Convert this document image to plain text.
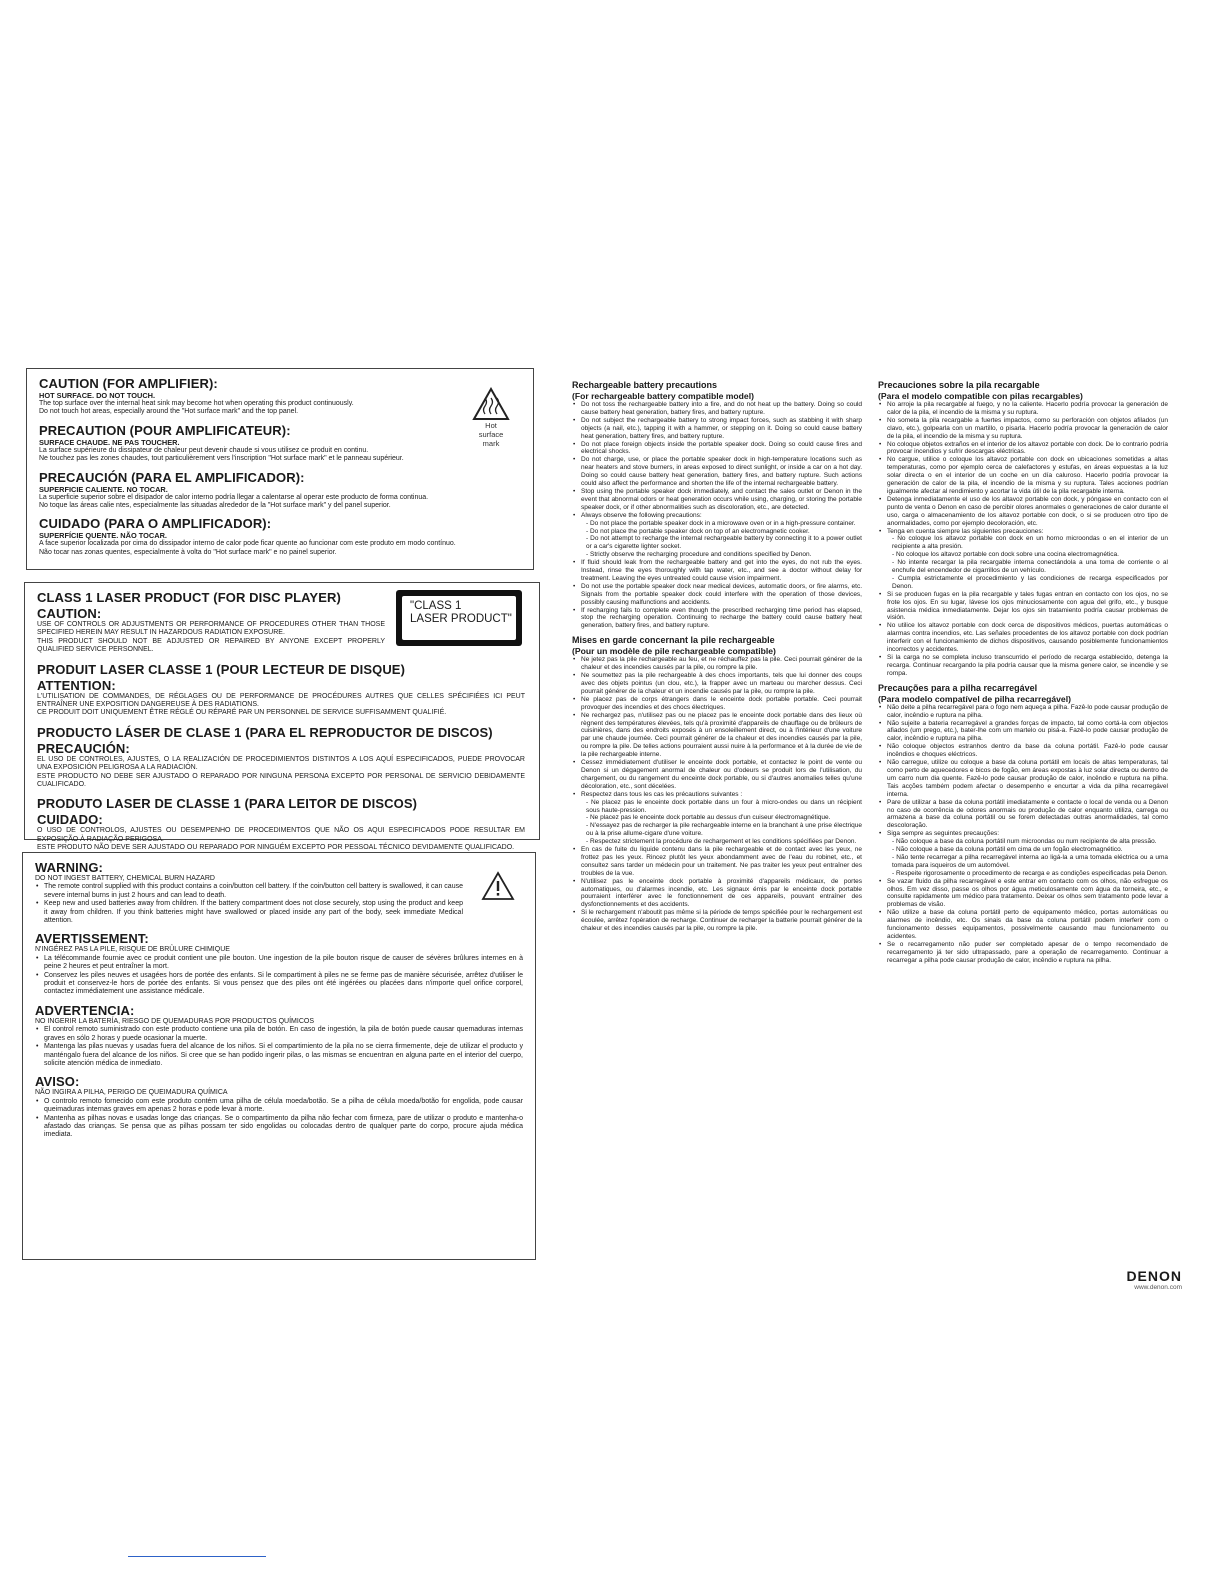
CAUTION (FOR AMPLIFIER):
HOT SURFACE. DO NOT TOUCH.
The top surface over the internal heat sink may become hot when operating this product continuously.
Do not touch hot areas, especially around the "Hot surface mark" and the top panel.
PRECAUTION (POUR AMPLIFICATEUR):
SURFACE CHAUDE. NE PAS TOUCHER.
La surface supérieure du dissipateur de chaleur peut devenir chaude si vous utilisez ce produit en continu.
Ne touchez pas les zones chaudes, tout particulièrement vers l'inscription "Hot surface mark" et le panneau supérieur.
PRECAUCIÓN (PARA EL AMPLIFICADOR):
SUPERFICIE CALIENTE. NO TOCAR.
La superficie superior sobre el disipador de calor interno podría llegar a calentarse al operar este producto de forma continua.
No toque las áreas calie ntes, especialmente las situadas alrededor de la "Hot surface mark" y del panel superior.
CUIDADO (PARA O AMPLIFICADOR):
SUPERFÍCIE QUENTE. NÃO TOCAR.
A face superior localizada por cima do dissipador interno de calor pode ficar quente ao funcionar com este produto em modo contínuo.
Não tocar nas zonas quentes, especialmente à volta do "Hot surface mark" e no painel superior.
Hot
surface
mark
CLASS 1 LASER PRODUCT (FOR DISC PLAYER)
CAUTION:
USE OF CONTROLS OR ADJUSTMENTS OR PERFORMANCE OF PROCEDURES OTHER THAN THOSE SPECIFIED HEREIN MAY RESULT IN HAZARDOUS RADIATION EXPOSURE.
THIS PRODUCT SHOULD NOT BE ADJUSTED OR REPAIRED BY ANYONE EXCEPT PROPERLY QUALIFIED SERVICE PERSONNEL.
PRODUIT LASER CLASSE 1 (POUR LECTEUR DE DISQUE)
ATTENTION:
L'UTILISATION DE COMMANDES, DE RÉGLAGES OU DE PERFORMANCE DE PROCÉDURES AUTRES QUE CELLES SPÉCIFIÉES ICI PEUT ENTRAÎNER UNE EXPOSITION DANGEREUSE À DES RADIATIONS.
CE PRODUIT DOIT UNIQUEMENT ÊTRE RÉGLÉ OU RÉPARÉ PAR UN PERSONNEL DE SERVICE SUFFISAMMENT QUALIFIÉ.
PRODUCTO LÁSER DE CLASE 1 (PARA EL REPRODUCTOR DE DISCOS)
PRECAUCIÓN:
EL USO DE CONTROLES, AJUSTES, O LA REALIZACIÓN DE PROCEDIMIENTOS DISTINTOS A LOS AQUÍ ESPECIFICADOS, PUEDE PROVOCAR UNA EXPOSICIÓN PELIGROSA A LA RADIACIÓN.
ESTE PRODUCTO NO DEBE SER AJUSTADO O REPARADO POR NINGUNA PERSONA EXCEPTO POR PERSONAL DE SERVICIO DEBIDAMENTE CUALIFICADO.
PRODUTO LASER DE CLASSE 1 (PARA LEITOR DE DISCOS)
CUIDADO:
O USO DE CONTROLOS, AJUSTES OU DESEMPENHO DE PROCEDIMENTOS QUE NÃO OS AQUI ESPECIFICADOS PODE RESULTAR EM EXPOSIÇÃO À RADIAÇÃO PERIGOSA.
ESTE PRODUTO NÃO DEVE SER AJUSTADO OU REPARADO POR NINGUÉM EXCEPTO POR PESSOAL TÉCNICO DEVIDAMENTE QUALIFICADO.
"CLASS 1
LASER PRODUCT"
WARNING:
DO NOT INGEST BATTERY, CHEMICAL BURN HAZARD
• The remote control supplied with this product contains a coin/button cell battery. If the coin/button cell battery is swallowed, it can cause severe internal burns in just 2 hours and can lead to death.
• Keep new and used batteries away from children. If the battery compartment does not close securely, stop using the product and keep it away from children. If you think batteries might have swallowed or placed inside any part of the body, seek immediate Medical attention.
AVERTISSEMENT:
N'INGÉREZ PAS LA PILE, RISQUE DE BRÛLURE CHIMIQUE
• La télécommande fournie avec ce produit contient une pile bouton. Une ingestion de la pile bouton risque de causer de sévères brûlures internes en à peine 2 heures et peut entraîner la mort.
• Conservez les piles neuves et usagées hors de portée des enfants. Si le compartiment à piles ne se ferme pas de manière sécurisée, arrêtez d'utiliser le produit et conservez-le hors de portée des enfants. Si vous pensez que des piles ont été ingérées ou placées dans n'importe quel orifice corporel, contactez immédiatement une assistance médicale.
ADVERTENCIA:
NO INGERIR LA BATERÍA, RIESGO DE QUEMADURAS POR PRODUCTOS QUÍMICOS
• El control remoto suministrado con este producto contiene una pila de botón. En caso de ingestión, la pila de botón puede causar quemaduras internas graves en sólo 2 horas y puede ocasionar la muerte.
• Mantenga las pilas nuevas y usadas fuera del alcance de los niños. Si el compartimiento de la pila no se cierra firmemente, deje de utilizar el producto y manténgalo fuera del alcance de los niños. Si cree que se han podido ingerir pilas, o las mismas se encuentran en alguna parte en el interior del cuerpo, solicite atención médica de inmediato.
AVISO:
NÃO INGIRA A PILHA, PERIGO DE QUEIMADURA QUÍMICA
• O controlo remoto fornecido com este produto contém uma pilha de célula moeda/botão. Se a pilha de célula moeda/botão for engolida, pode causar queimaduras internas graves em apenas 2 horas e pode levar à morte.
• Mantenha as pilhas novas e usadas longe das crianças. Se o compartimento da pilha não fechar com firmeza, pare de utilizar o produto e mantenha-o afastado das crianças. Se pensa que as pilhas possam ter sido engolidas ou colocadas dentro de qualquer parte do corpo, procure ajuda médica imediata.
Rechargeable battery precautions
(For rechargeable battery compatible model)
• Do not toss the rechargeable battery into a fire, and do not heat up the battery. Doing so could cause battery heat generation, battery fires, and battery rupture.
• Do not subject the rechargeable battery to strong impact forces, such as stabbing it with sharp objects (a nail, etc.), tapping it with a hammer, or stepping on it. Doing so could cause battery heat generation, battery fires, and battery rupture.
• Do not place foreign objects inside the portable speaker dock. Doing so could cause fires and electrical shocks.
• Do not charge, use, or place the portable speaker dock in high-temperature locations such as near heaters and stove burners, in areas exposed to direct sunlight, or inside a car on a hot day. Doing so could cause battery heat generation, battery fires, and battery rupture. Such actions could also affect the performance and shorten the life of the internal rechargeable battery.
• Stop using the portable speaker dock immediately, and contact the sales outlet or Denon in the event that abnormal odors or heat generation occurs while using, charging, or storing the portable speaker dock, or if other abnormalities such as discoloration, etc., are detected.
• Always observe the following precautions:
- Do not place the portable speaker dock in a microwave oven or in a high-pressure container.
- Do not place the portable speaker dock on top of an electromagnetic cooker.
- Do not attempt to recharge the internal rechargeable battery by connecting it to a power outlet or a car's cigarette lighter socket.
- Strictly observe the recharging procedure and conditions specified by Denon.
• If fluid should leak from the rechargeable battery and get into the eyes, do not rub the eyes. Instead, rinse the eyes thoroughly with tap water, etc., and see a doctor without delay for treatment. Leaving the eyes untreated could cause vision impairment.
• Do not use the portable speaker dock near medical devices, automatic doors, or fire alarms, etc. Signals from the portable speaker dock could interfere with the operation of those devices, possibly causing malfunctions and accidents.
• If recharging fails to complete even though the prescribed recharging time period has elapsed, stop the recharging operation. Continuing to recharge the battery could cause battery heat generation, battery fires, and battery rupture.
Mises en garde concernant la pile rechargeable
(Pour un modèle de pile rechargeable compatible)
• Ne jetez pas la pile rechargeable au feu, et ne réchauffez pas la pile. Ceci pourrait générer de la chaleur et des incendies causés par la pile, ou rompre la pile.
• Ne soumettez pas la pile rechargeable à des chocs importants, tels que lui donner des coups avec des objets pointus (un clou, etc.), la frapper avec un marteau ou marcher dessus. Ceci pourrait générer de la chaleur et un incendie causés par la pile, ou rompre la pile.
• Ne placez pas de corps étrangers dans le enceinte dock portable portable. Ceci pourrait provoquer des incendies et des chocs électriques.
• Ne rechargez pas, n'utilisez pas ou ne placez pas le enceinte dock portable dans des lieux où règnent des températures élevées, tels qu'à proximité d'appareils de chauffage ou de brûleurs de cuisinières, dans des endroits exposés à un ensoleillement direct, ou à l'intérieur d'une voiture par une chaude journée. Ceci pourrait générer de la chaleur et des incendies causés par la pile, ou rompre la pile. De telles actions pourraient aussi nuire à la performance et à la durée de vie de la pile rechargeable interne.
• Cessez immédiatement d'utiliser le enceinte dock portable, et contactez le point de vente ou Denon si un dégagement anormal de chaleur ou d'odeurs se produit lors de l'utilisation, du chargement, ou du rangement du enceinte dock portable, ou si d'autres anomalies telles qu'une décoloration, etc., sont décelées.
• Respectez dans tous les cas les précautions suivantes :
- Ne placez pas le enceinte dock portable dans un four à micro-ondes ou dans un récipient sous haute-pression.
- Ne placez pas le enceinte dock portable au dessus d'un cuiseur électromagnétique.
- N'essayez pas de recharger la pile rechargeable interne en la branchant à une prise électrique ou à la prise allume-cigare d'une voiture.
- Respectez strictement la procédure de rechargement et les conditions spécifiées par Denon.
• En cas de fuite du liquide contenu dans la pile rechargeable et de contact avec les yeux, ne frottez pas les yeux. Rincez plutôt les yeux abondamment avec de l'eau du robinet, etc., et consultez sans tarder un médecin pour un traitement. Ne pas traiter les yeux peut entraîner des troubles de la vue.
• N'utilisez pas le enceinte dock portable à proximité d'appareils médicaux, de portes automatiques, ou d'alarmes incendie, etc. Les signaux émis par le enceinte dock portable pourraient interférer avec le fonctionnement de ces appareils, pouvant entraîner des dysfonctionnements et des accidents.
• Si le rechargement n'aboutit pas même si la période de temps spécifiée pour le rechargement est écoulée, arrêtez l'opération de recharge. Continuer de recharger la batterie pourrait générer de la chaleur et des incendies causés par la pile, ou rompre la pile.
Precauciones sobre la pila recargable
(Para el modelo compatible con pilas recargables)
• No arroje la pila recargable al fuego, y no la caliente. Hacerlo podría provocar la generación de calor de la pila, el incendio de la misma y su ruptura.
• No someta la pila recargable a fuertes impactos, como su perforación con objetos afilados (un clavo, etc.), golpearla con un martillo, o pisarla. Hacerlo podría provocar la generación de calor de la pila, el incendio de la misma y su ruptura.
• No coloque objetos extraños en el interior de los altavoz portable con dock. De lo contrario podría provocar incendios y sufrir descargas eléctricas.
• No cargue, utilice o coloque los altavoz portable con dock en ubicaciones sometidas a altas temperaturas, como por ejemplo cerca de calefactores y estufas, en áreas expuestas a la luz solar directa o en el interior de un coche en un día caluroso. Hacerlo podría provocar la generación de calor de la pila, el incendio de la misma y su ruptura. Tales acciones podrían igualmente afectar al rendimiento y acortar la vida útil de la pila recargable interna.
• Detenga inmediatamente el uso de los altavoz portable con dock, y póngase en contacto con el punto de venta o Denon en caso de percibir olores anormales o generaciones de calor durante el uso, carga o almacenamiento de los altavoz portable con dock, o si se producen otro tipo de anormalidades, como por ejemplo decoloración, etc.
• Tenga en cuenta siempre las siguientes precauciones:
- No coloque los altavoz portable con dock en un horno microondas o en el interior de un recipiente a alta presión.
- No coloque los altavoz portable con dock sobre una cocina electromagnética.
- No intente recargar la pila recargable interna conectándola a una toma de corriente o al enchufe del encendedor de cigarrillos de un vehículo.
- Cumpla estrictamente el procedimiento y las condiciones de recarga especificados por Denon.
• Si se producen fugas en la pila recargable y tales fugas entran en contacto con los ojos, no se frote los ojos. En su lugar, lávese los ojos minuciosamente con agua del grifo, etc., y busque asistencia médica inmediatamente. Dejar los ojos sin tratamiento podría causar problemas de visión.
• No utilice los altavoz portable con dock cerca de dispositivos médicos, puertas automáticas o alarmas contra incendios, etc. Las señales procedentes de los altavoz portable con dock podrían interferir con el funcionamiento de dichos dispositivos, causando posiblemente funcionamientos incorrectos y accidentes.
• Si la carga no se completa incluso transcurrido el período de recarga establecido, detenga la recarga. Continuar recargando la pila podría causar que la misma genere calor, se incendie y se rompa.
Precauções para a pilha recarregável
(Para modelo compatível de pilha recarregável)
• Não deite a pilha recarregável para o fogo nem aqueça a pilha. Fazê-lo pode causar produção de calor, incêndio e ruptura na pilha.
• Não sujeite a bateria recarregável a grandes forças de impacto, tal como cortá-la com objectos afiados (um prego, etc.), bater-lhe com um martelo ou pisá-a. Fazê-lo pode causar produção de calor, incêndio e ruptura na pilha.
• Não coloque objectos estranhos dentro da base da coluna portátil. Fazê-lo pode causar incêndios e choques eléctricos.
• Não carregue, utilize ou coloque a base da coluna portátil em locais de altas temperaturas, tal como perto de aquecedores e bicos de fogão, em áreas expostas à luz solar directa ou dentro de um carro num dia quente. Fazê-lo pode causar produção de calor, incêndio e ruptura na pilha. Tais acções também podem afectar o desempenho e encurtar a vida da pilha recarregável interna.
• Pare de utilizar a base da coluna portátil imediatamente e contacte o local de venda ou a Denon no caso de ocorrência de odores anormais ou produção de calor enquanto utiliza, carrega ou armazena a base da coluna portátil ou se forem detectadas outras anormalidades, tal como descoloração.
• Siga sempre as seguintes precauções:
- Não coloque a base da coluna portátil num microondas ou num recipiente de alta pressão.
- Não coloque a base da coluna portátil em cima de um fogão electromagnético.
- Não tente recarregar a pilha recarregável interna ao ligá-la a uma tomada eléctrica ou a uma tomada para isqueiros de um automóvel.
- Respeite rigorosamente o procedimento de recarga e as condições especificadas pela Denon.
• Se vazar fluido da pilha recarregável e este entrar em contacto com os olhos, não esfregue os olhos. Em vez disso, passe os olhos por água meticulosamente com água da torneira, etc., e consulte rapidamente um médico para tratamento. Deixar os olhos sem tratamento pode levar a problemas de visão.
• Não utilize a base da coluna portátil perto de equipamento médico, portas automáticas ou alarmes de incêndio, etc. Os sinais da base da coluna portátil podem interferir com o funcionamento desses equipamentos, possivelmente causando mau funcionamento ou acidentes.
• Se o recarregamento não puder ser completado apesar de o tempo recomendado de recarregamento já ter sido ultrapassado, pare a operação de recarregamento. Continuar a recarregar a pilha pode causar produção de calor, incêndio e ruptura na pilha.
DENON
www.denon.com
